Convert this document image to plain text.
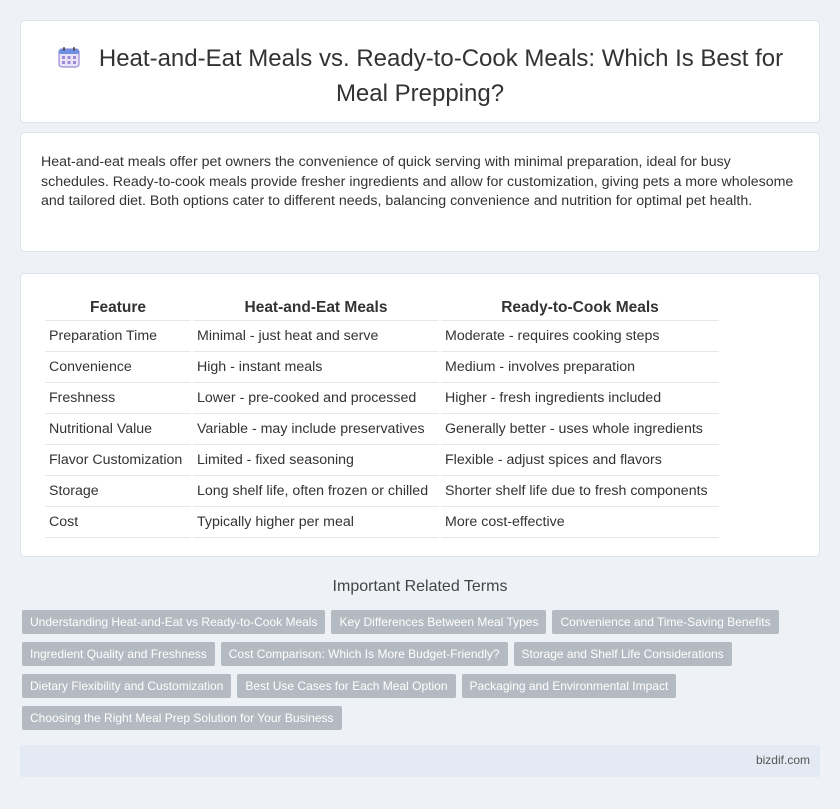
Heat-and-Eat Meals vs. Ready-to-Cook Meals: Which Is Best for Meal Prepping?

Heat-and-eat meals offer pet owners the convenience of quick serving with minimal preparation, ideal for busy schedules. Ready-to-cook meals provide fresher ingredients and allow for customization, giving pets a more wholesome and tailored diet. Both options cater to different needs, balancing convenience and nutrition for optimal pet health.

Feature	Heat-and-Eat Meals	Ready-to-Cook Meals
Preparation Time	Minimal - just heat and serve	Moderate - requires cooking steps
Convenience	High - instant meals	Medium - involves preparation
Freshness	Lower - pre-cooked and processed	Higher - fresh ingredients included
Nutritional Value	Variable - may include preservatives	Generally better - uses whole ingredients
Flavor Customization	Limited - fixed seasoning	Flexible - adjust spices and flavors
Storage	Long shelf life, often frozen or chilled	Shorter shelf life due to fresh components
Cost	Typically higher per meal	More cost-effective
Important Related Terms
Understanding Heat-and-Eat vs Ready-to-Cook Meals Key Differences Between Meal Types Convenience and Time-Saving Benefits
Ingredient Quality and Freshness Cost Comparison: Which Is More Budget-Friendly? Storage and Shelf Life Considerations
Dietary Flexibility and Customization Best Use Cases for Each Meal Option Packaging and Environmental Impact
Choosing the Right Meal Prep Solution for Your Business
bizdif.com
